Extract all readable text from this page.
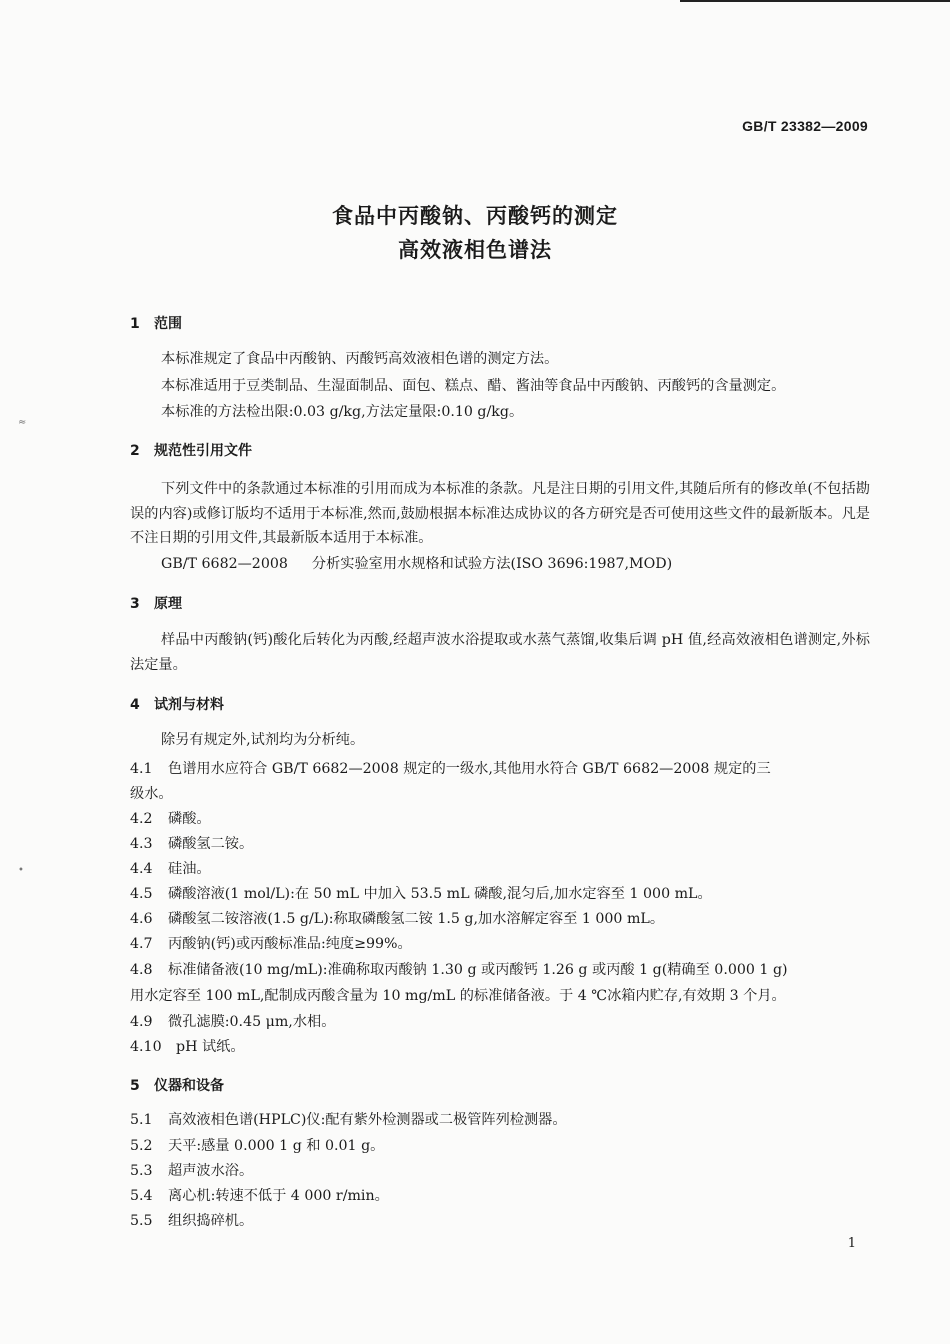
≈
•
GB/T 23382—2009
食品中丙酸钠、丙酸钙的测定
高效液相色谱法
1 范围
本标准规定了食品中丙酸钠、丙酸钙高效液相色谱的测定方法。
本标准适用于豆类制品、生湿面制品、面包、糕点、醋、酱油等食品中丙酸钠、丙酸钙的含量测定。
本标准的方法检出限:0.03 g/kg,方法定量限:0.10 g/kg。
2 规范性引用文件
下列文件中的条款通过本标准的引用而成为本标准的条款。凡是注日期的引用文件,其随后所有的修改单(不包括勘误的内容)或修订版均不适用于本标准,然而,鼓励根据本标准达成协议的各方研究是否可使用这些文件的最新版本。凡是不注日期的引用文件,其最新版本适用于本标准。
GB/T 6682—2008 分析实验室用水规格和试验方法(ISO 3696:1987,MOD)
3 原理
样品中丙酸钠(钙)酸化后转化为丙酸,经超声波水浴提取或水蒸气蒸馏,收集后调 pH 值,经高效液相色谱测定,外标法定量。
4 试剂与材料
除另有规定外,试剂均为分析纯。
4.1 色谱用水应符合 GB/T 6682—2008 规定的一级水,其他用水符合 GB/T 6682—2008 规定的三
级水。
4.2 磷酸。
4.3 磷酸氢二铵。
4.4 硅油。
4.5 磷酸溶液(1 mol/L):在 50 mL 中加入 53.5 mL 磷酸,混匀后,加水定容至 1 000 mL。
4.6 磷酸氢二铵溶液(1.5 g/L):称取磷酸氢二铵 1.5 g,加水溶解定容至 1 000 mL。
4.7 丙酸钠(钙)或丙酸标准品:纯度≥99%。
4.8 标准储备液(10 mg/mL):准确称取丙酸钠 1.30 g 或丙酸钙 1.26 g 或丙酸 1 g(精确至 0.000 1 g)
用水定容至 100 mL,配制成丙酸含量为 10 mg/mL 的标准储备液。于 4 ℃冰箱内贮存,有效期 3 个月。
4.9 微孔滤膜:0.45 μm,水相。
4.10 pH 试纸。
5 仪器和设备
5.1 高效液相色谱(HPLC)仪:配有紫外检测器或二极管阵列检测器。
5.2 天平:感量 0.000 1 g 和 0.01 g。
5.3 超声波水浴。
5.4 离心机:转速不低于 4 000 r/min。
5.5 组织捣碎机。
1
